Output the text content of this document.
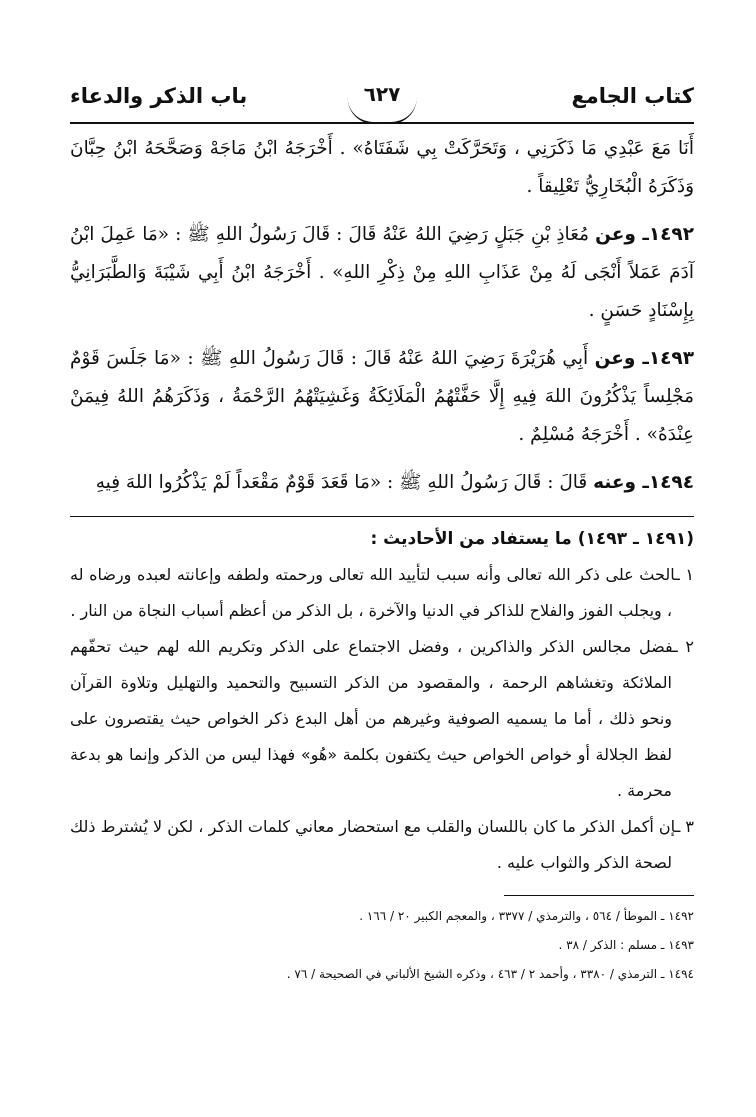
كتاب الجامع
٦٢٧
باب الذكر والدعاء

أَنَا مَعَ عَبْدِي مَا ذَكَرَنِي ، وَتَحَرَّكَتْ بِي شَفَتَاهُ» . أَخْرَجَهُ ابْنُ مَاجَهْ وَصَحَّحَهُ ابْنُ حِبَّانَ وَذَكَرَهُ الْبُخَارِيُّ تَعْلِيقاً .

١٤٩٢ـ وعن مُعَاذِ بْنِ جَبَلٍ رَضِيَ اللهُ عَنْهُ قَالَ : قَالَ رَسُولُ اللهِ ﷺ : «مَا عَمِلَ ابْنُ آدَمَ عَمَلاً أَنْجَى لَهُ مِنْ عَذَابِ اللهِ مِنْ ذِكْرِ اللهِ» . أَخْرَجَهُ ابْنُ أَبِي شَيْبَةَ وَالطَّبَرَانِيُّ بِإِسْنَادٍ حَسَنٍ .

١٤٩٣ـ وعن أَبِي هُرَيْرَةَ رَضِيَ اللهُ عَنْهُ قَالَ : قَالَ رَسُولُ اللهِ ﷺ : «مَا جَلَسَ قَوْمٌ مَجْلِساً يَذْكُرُونَ اللهَ فِيهِ إِلَّا حَفَّتْهُمُ الْمَلَائِكَةُ وَغَشِيَتْهُمُ الرَّحْمَةُ ، وَذَكَرَهُمُ اللهُ فِيمَنْ عِنْدَهُ» . أَخْرَجَهُ مُسْلِمٌ .

١٤٩٤ـ وعنه قَالَ : قَالَ رَسُولُ اللهِ ﷺ : «مَا قَعَدَ قَوْمٌ مَقْعَداً لَمْ يَذْكُرُوا اللهَ فِيهِ

(١٤٩١ ـ ١٤٩٣) ما يستفاد من الأحاديث :

١ ـالحث على ذكر الله تعالى وأنه سبب لتأييد الله تعالى ورحمته ولطفه وإعانته لعبده ورضاه له ، ويجلب الفوز والفلاح للذاكر في الدنيا والآخرة ، بل الذكر من أعظم أسباب النجاة من النار .

٢ ـفضل مجالس الذكر والذاكرين ، وفضل الاجتماع على الذكر وتكريم الله لهم حيث تحفّهم الملائكة وتغشاهم الرحمة ، والمقصود من الذكر التسبيح والتحميد والتهليل وتلاوة القرآن ونحو ذلك ، أما ما يسميه الصوفية وغيرهم من أهل البدع ذكر الخواص حيث يقتصرون على لفظ الجلالة أو خواص الخواص حيث يكتفون بكلمة «هُو» فهذا ليس من الذكر وإنما هو بدعة محرمة .

٣ ـإن أكمل الذكر ما كان باللسان والقلب مع استحضار معاني كلمات الذكر ، لكن لا يُشترط ذلك لصحة الذكر والثواب عليه .

١٤٩٢ ـ الموطأ / ٥٦٤ ، والترمذي / ٣٣٧٧ ، والمعجم الكبير ٢٠ / ١٦٦ .

١٤٩٣ ـ مسلم : الذكر / ٣٨ .

١٤٩٤ ـ الترمذي / ٣٣٨٠ ، وأحمد ٢ / ٤٦٣ ، وذكره الشيخ الألباني في الصحيحة / ٧٦ .
